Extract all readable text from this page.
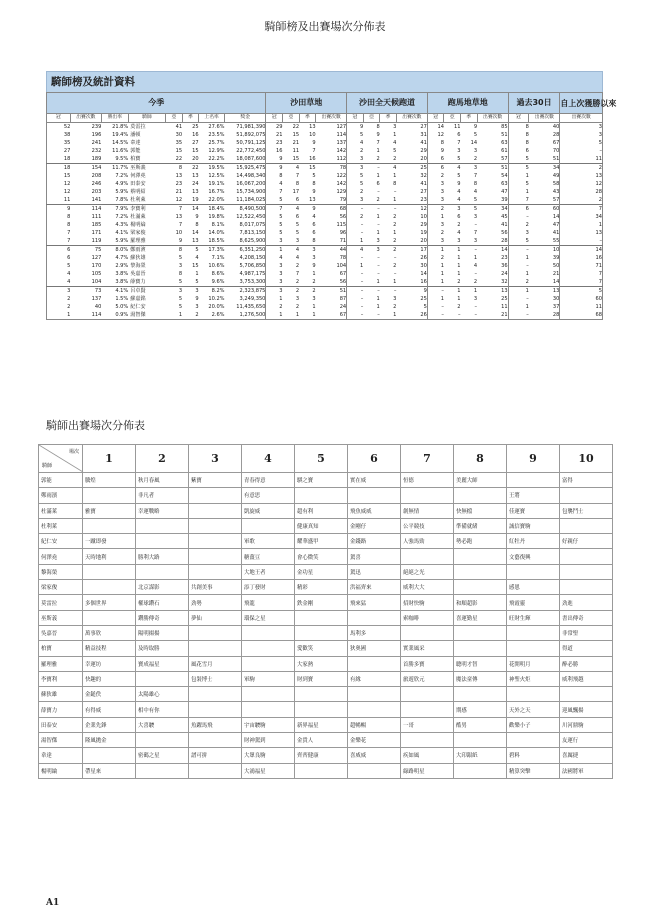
騎師榜及出賽場次分佈表
騎師榜及統計資料
今季								沙田草地				沙田全天候跑道				跑馬地草地				過去30日		自上次獲勝以來
冠	出賽次數	勝出率	騎師	亞	季	上名率	獎金	冠	亞	季	出賽次數	冠	亞	季	出賽次數	冠	亞	季	出賽次數	冠	出賽次數	出賽次數
52	239	21.8%	莫雷拉	41	25	27.6%	71,981,390	29	22	13	127	9	8	3	27	14	11	9	85	8	40	3
38	196	19.4%	潘頓	30	16	23.5%	51,892,075	21	15	10	114	5	9	1	31	12	6	5	51	8	28	3
35	241	14.5%	韋達	35	27	25.7%	50,791,125	23	21	9	137	4	7	4	41	8	7	14	63	8	67	5
27	232	11.6%	郭能	15	15	12.9%	22,772,450	16	11	7	142	2	1	5	29	9	3	3	61	6	70	–
18	189	9.5%	柏寶	22	20	22.2%	18,087,600	9	15	16	112	3	2	2	20	6	5	2	57	5	51	11
18	154	11.7%	巫斯義	8	22	19.5%	15,925,475	9	4	15	78	3	–	4	25	6	4	3	51	5	34	2
15	208	7.2%	何澤堯	13	13	12.5%	14,498,340	8	7	5	122	5	1	1	32	2	5	7	54	1	49	13
12	246	4.9%	田泰安	23	24	19.1%	16,067,200	4	8	8	142	5	6	8	41	3	9	8	63	5	58	12
12	203	5.9%	蔡明紹	21	13	16.7%	15,734,900	7	17	9	129	2	–	–	27	3	4	4	47	1	43	28
11	141	7.8%	杜利萊	12	19	22.0%	11,184,025	5	6	13	79	3	2	1	23	3	4	5	39	7	57	2
9	114	7.9%	李寶利	7	14	18.4%	8,490,500	7	4	9	68	–	–	–	12	2	3	5	34	6	60	7
8	111	7.2%	杜滿萊	13	9	19.8%	12,522,450	5	6	4	56	2	1	2	10	1	6	3	45	–	14	34
8	185	4.3%	楊明綸	7	8	8.1%	8,017,075	5	5	6	115	–	–	2	29	3	2	–	41	2	47	1
7	171	4.1%	梁家俊	10	14	14.0%	7,813,150	5	5	6	96	–	1	1	19	2	4	7	56	3	41	13
7	119	5.9%	羅理雅	9	13	18.5%	8,625,900	3	3	8	71	1	3	2	20	3	3	3	28	5	55	–
6	75	8.0%	鄭雨濱	8	5	17.3%	6,351,250	1	4	3	44	4	3	2	17	1	1	–	14	–	10	14
6	127	4.7%	蘇狄雄	5	4	7.1%	4,208,150	4	4	3	78	–	–	–	26	2	1	1	23	1	39	16
5	170	2.9%	黎海榮	3	15	10.6%	5,706,850	3	2	9	104	1	–	2	30	1	1	4	36	–	50	71
4	105	3.8%	吳嘉晉	8	1	8.6%	4,987,175	3	7	1	67	–	–	–	14	1	1	–	24	1	21	7
4	104	3.8%	薛寶力	5	5	9.6%	3,753,300	3	2	2	56	–	1	1	16	1	2	2	32	2	14	7
3	73	4.1%	呂卓賢	3	3	8.2%	2,323,875	3	2	2	51	–	–	–	9	–	1	1	13	1	13	5
2	137	1.5%	蘇嘉銘	5	9	10.2%	3,249,350	1	3	3	87	–	1	3	25	1	1	3	25	–	30	60
2	40	5.0%	紀仁安	5	3	20.0%	11,435,650	2	2	1	24	–	1	2	5	–	2	–	11	1	37	11
1	114	0.9%	湯智傑	1	2	2.6%	1,276,500	1	1	1	67	–	–	1	26	–	–	–	21	–	28	68
騎師出賽場次分佈表
場次
騎師	1	2	3	4	5	6	7	8	9	10
郭能	騰煌	秋月春風	紫寶	青春得意	騏之寶	實在威	恒德	美麗大師		富得
鄭雨濱		非凡者		有意思					王將	
杜滿萊	雅寶	幸運戰略		凱旋威	超有利	飛魚威威	創無情	快無檔	佳運寶	包襲鬥士
杜利萊					健康真知	金剛仔	公平競技	準備就緒	誠信寶駒	
紀仁安	一蹴即發			軍歌	耀華盛甲	金錢路	人強馬勁	勢必跑	紅牡丹	好親仔
何澤堯	天時地利	勝利大路		糖薑豆	會心微笑	駕喜			文藝復興	
黎海榮				大地王者	金功星	駕迅	絕絕之光			
梁家俊		北京謀影	共創美事	添丁發財	精彩	洪福齊來	威利大大		感恩	
莫雷拉	多個世界	權球鑽石	劲勢	飛龍	鉄金剛	飛來猛	招財快駒	和順超影	飛霞靈	劲進
巫斯義		鑽勝傳奇	夢仙	環保之星			索咖啡	喜運勤星	旺財生輝	書出傳奇
吳嘉晉	萬事欣	陽明揚揚				馬利多				非常聖
柏寶	精益技程	及時取勝			愛歡笑	狄奥國	實業風采			得道
羅理雅	幸運坊	寶成福星	風花雪月		大家熱		首勝多寶	聰明才智	花開明月	醉必勝
李寶利	快趣的		包裝博士	軍駒	財到寶	有緣	旅遊欣元	魔法童傳	神聖火炬	威利飛越
蘇狄雄	金鎚佚	太陽雄心								
薛寶力	有得威	相中有你						期感	天外之天	迎風飄揚
田泰安	企業先鋒	大喜駿	魚躍馬飛	宇宙駿駒	新界福星	超暢暢	一哥	酷男	歡樂小子	川河鼎駒
湯智傑	隆風拋金			財神駕到	金貴人	金樂花				友運行
韋達		密碼之星	譜可拼	大眾良駒	齊齊健康	喜威威	疾如風	大印銀紙	碧料	喜厲捷
楊明綸	帶星來			大鴻福星			綠路明星		精算突擊	法國將軍
A1
